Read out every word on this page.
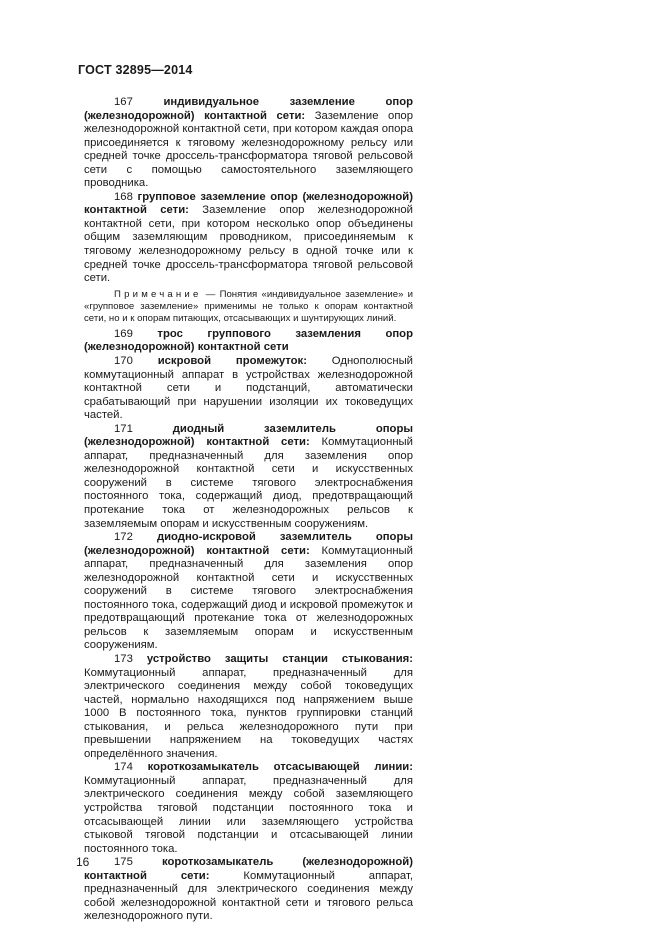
ГОСТ 32895—2014

167	индивидуальное заземление опор (железнодорожной) контактной сети: Заземление опор железнодорожной контактной сети, при котором каждая опора присоединяется к тяговому железнодорожному рельсу или средней точке дроссель-трансформатора тяговой рельсовой сети с помощью самостоятельного заземляющего проводника.

168 групповое заземление опор (железнодорожной) контактной сети: Заземление опор железнодорожной контактной сети, при котором несколько опор объединены общим заземляющим проводником, присоединяемым к тяговому железнодорожному рельсу в одной точке или к средней точке дроссель-трансформатора тяговой рельсовой сети.

Примечание — Понятия «индивидуальное заземление» и «групповое заземление» применимы не только к опорам контактной сети, но и к опорам питающих, отсасывающих и шунтирующих линий.

169 трос группового заземления опор (железнодорожной) контактной сети

170 искровой промежуток: Однополюсный коммутационный аппарат в устройствах железнодорожной контактной сети и подстанций, автоматически срабатывающий при нарушении изоляции их токоведущих частей.

171	диодный заземлитель опоры (железнодорожной) контактной сети: Коммутационный аппарат, предназначенный для заземления опор железнодорожной контактной сети и искусственных сооружений в системе тягового электроснабжения постоянного тока, содержащий диод, предотвращающий протекание тока от железнодорожных рельсов к заземляемым опорам и искусственным сооружениям.

172 диодно-искровой заземлитель опоры (железнодорожной) контактной сети: Коммутационный аппарат, предназначенный для заземления опор железнодорожной контактной сети и искусственных сооружений в системе тягового электроснабжения постоянного тока, содержащий диод и искровой промежуток и предотвращающий протекание тока от железнодорожных рельсов к заземляемым опорам и искусственным сооружениям.

173 устройство защиты станции стыкования: Коммутационный аппарат, предназначенный для электрического соединения между собой токоведущих частей, нормально находящихся под напряжением выше 1000 В постоянного тока, пунктов группировки станций стыкования, и рельса железнодорожного пути при превышении напряжением на токоведущих частях определённого значения.

174 короткозамыкатель отсасывающей линии: Коммутационный аппарат, предназначенный для электрического соединения между собой заземляющего устройства тяговой подстанции постоянного тока и отсасывающей линии или заземляющего устройства стыковой тяговой подстанции и отсасывающей линии постоянного тока.

175	короткозамыкатель (железнодорожной) контактной сети: Коммутационный аппарат, предназначенный для электрического соединения между собой железнодорожной контактной сети и тягового рельса железнодорожного пути.

16
